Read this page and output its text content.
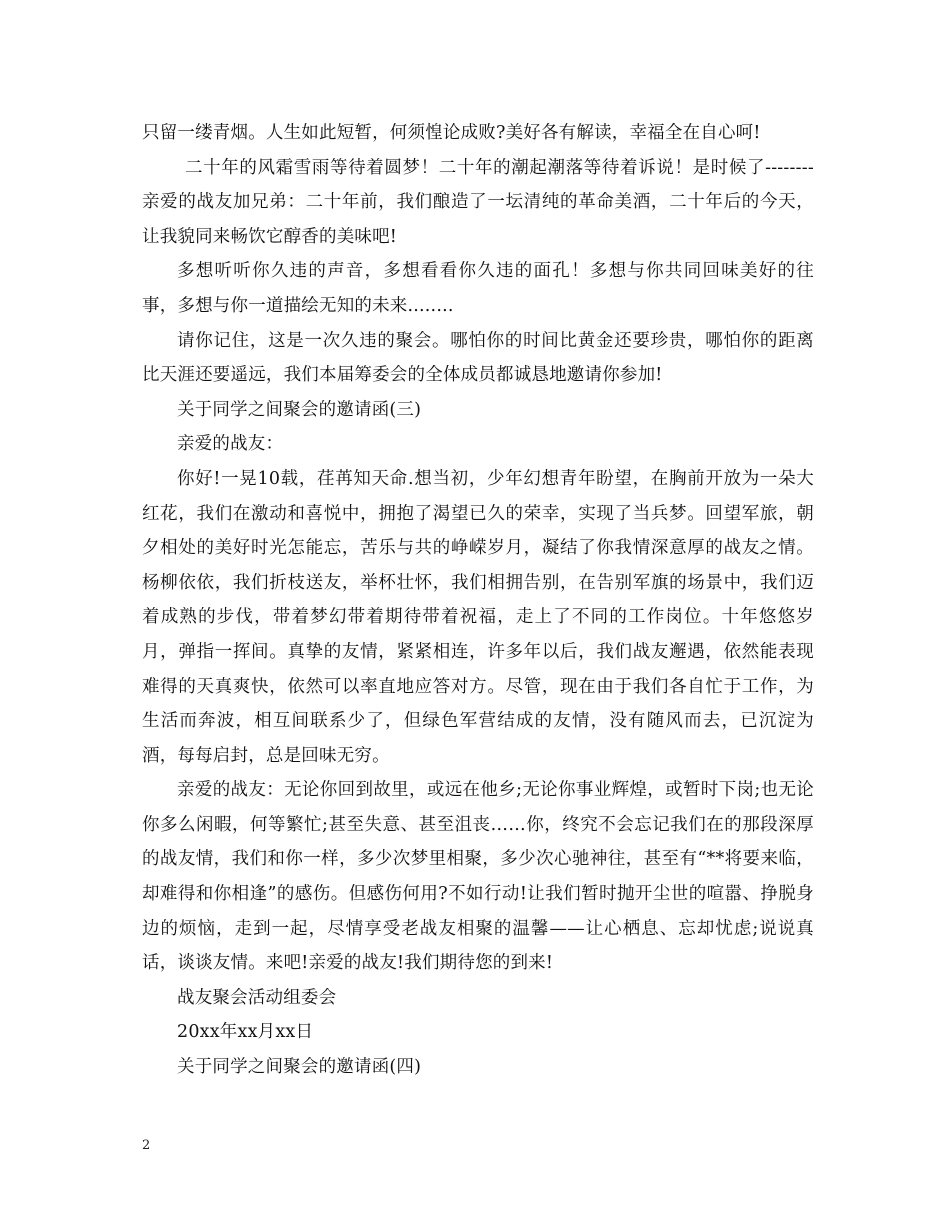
只留一缕青烟。人生如此短暂，何须惶论成败?美好各有解读，幸福全在自心呵!

二十年的风霜雪雨等待着圆梦！二十年的潮起潮落等待着诉说！是时候了--------亲爱的战友加兄弟：二十年前，我们酿造了一坛清纯的革命美酒，二十年后的今天，让我貌同来畅饮它醇香的美味吧!

多想听听你久违的声音，多想看看你久违的面孔！多想与你共同回味美好的往事，多想与你一道描绘无知的未来........

请你记住，这是一次久违的聚会。哪怕你的时间比黄金还要珍贵，哪怕你的距离比天涯还要遥远，我们本届筹委会的全体成员都诚恳地邀请你参加!

关于同学之间聚会的邀请函(三)

亲爱的战友：

你好!一晃10载，荏苒知天命.想当初，少年幻想青年盼望，在胸前开放为一朵大红花，我们在激动和喜悦中，拥抱了渴望已久的荣幸，实现了当兵梦。回望军旅，朝夕相处的美好时光怎能忘，苦乐与共的峥嵘岁月，凝结了你我情深意厚的战友之情。杨柳依依，我们折枝送友，举杯壮怀，我们相拥告别，在告别军旗的场景中，我们迈着成熟的步伐，带着梦幻带着期待带着祝福，走上了不同的工作岗位。十年悠悠岁月，弹指一挥间。真挚的友情，紧紧相连，许多年以后，我们战友邂遇，依然能表现难得的天真爽快，依然可以率直地应答对方。尽管，现在由于我们各自忙于工作，为生活而奔波，相互间联系少了，但绿色军营结成的友情，没有随风而去，已沉淀为酒，每每启封，总是回味无穷。

亲爱的战友：无论你回到故里，或远在他乡;无论你事业辉煌，或暂时下岗;也无论你多么闲暇，何等繁忙;甚至失意、甚至沮丧……你，终究不会忘记我们在的那段深厚的战友情，我们和你一样，多少次梦里相聚，多少次心驰神往，甚至有“**将要来临，却难得和你相逢”的感伤。但感伤何用?不如行动!让我们暂时抛开尘世的喧嚣、挣脱身边的烦恼，走到一起，尽情享受老战友相聚的温馨——让心栖息、忘却忧虑;说说真话，谈谈友情。来吧!亲爱的战友!我们期待您的到来!

战友聚会活动组委会

20xx年xx月xx日

关于同学之间聚会的邀请函(四)

2
